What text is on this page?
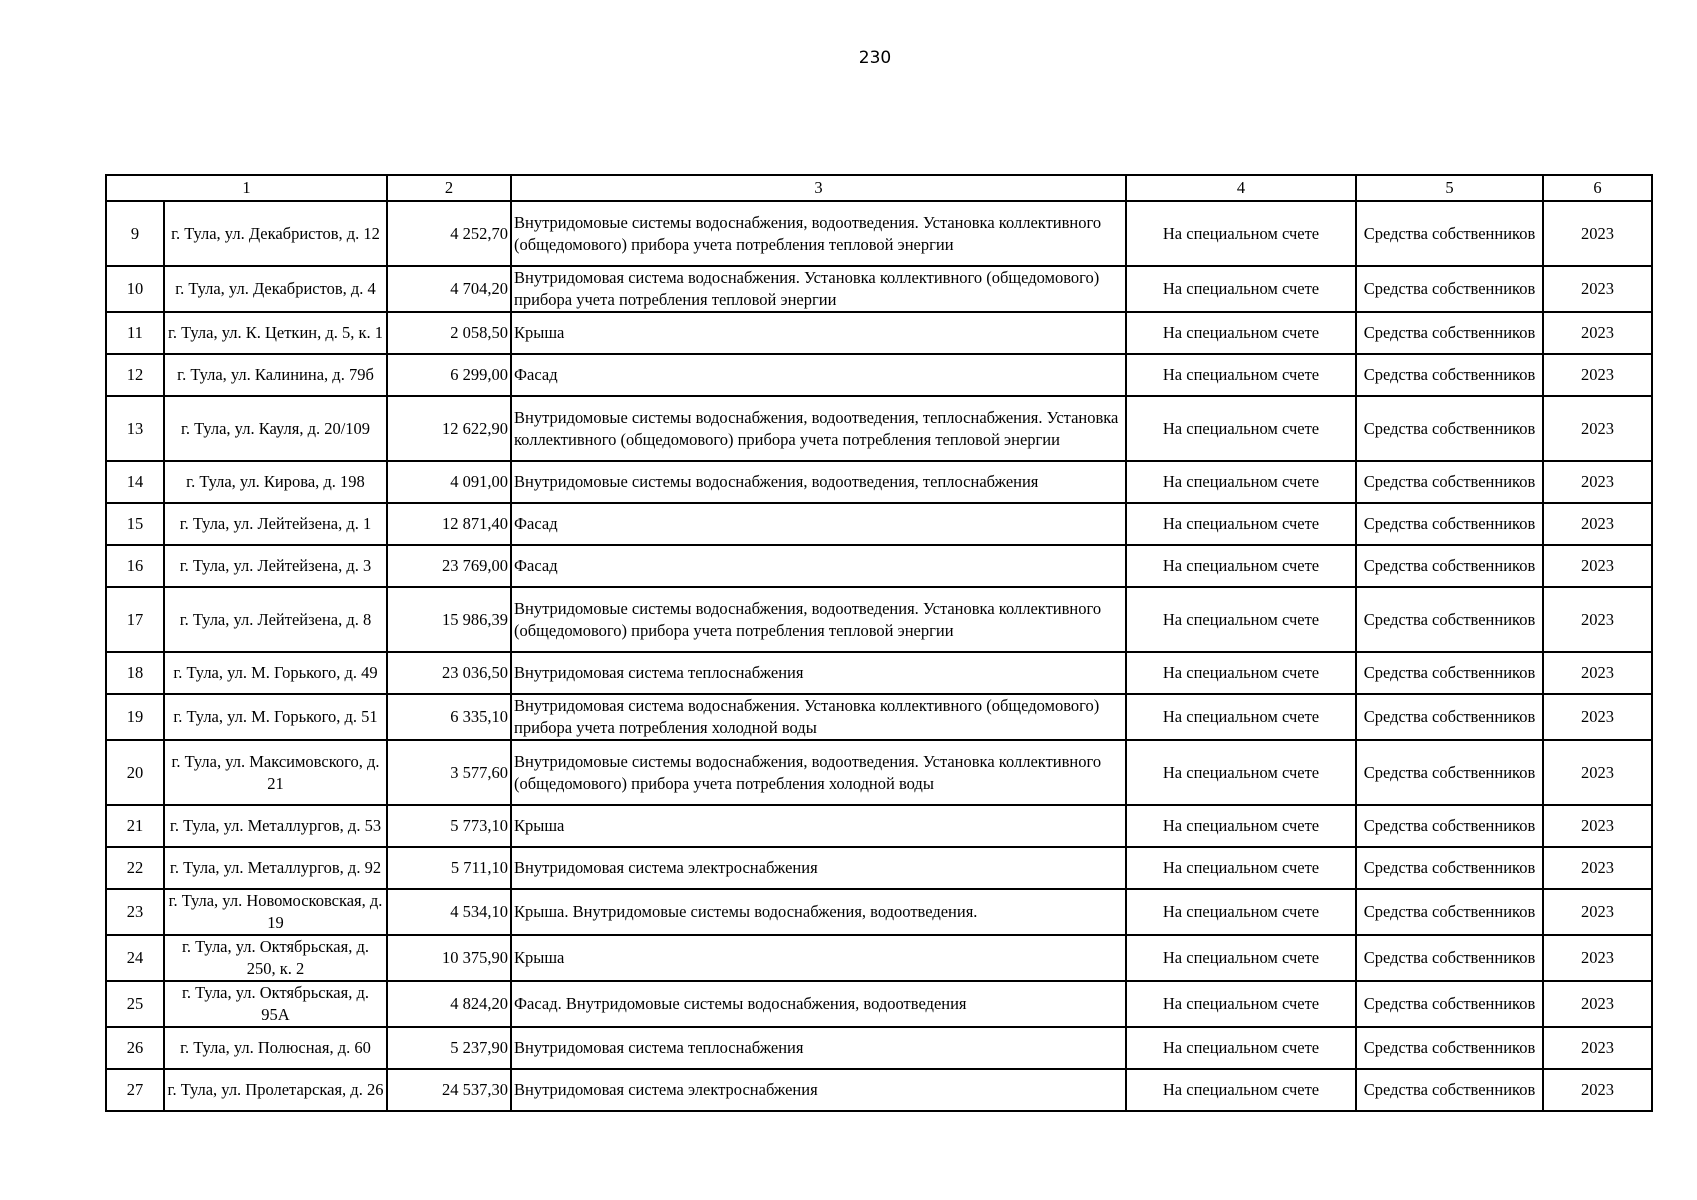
230
1		2	3	4	5	6
9	г. Тула, ул. Декабристов, д. 12	4 252,70	Внутридомовые системы водоснабжения, водоотведения. Установка коллективного (общедомового) прибора учета потребления тепловой энергии	На специальном счете	Средства собственников	2023
10	г. Тула, ул. Декабристов, д. 4	4 704,20	Внутридомовая система водоснабжения. Установка коллективного (общедомового) прибора учета потребления тепловой энергии	На специальном счете	Средства собственников	2023
11	г. Тула, ул. К. Цеткин, д. 5, к. 1	2 058,50	Крыша	На специальном счете	Средства собственников	2023
12	г. Тула, ул. Калинина, д. 79б	6 299,00	Фасад	На специальном счете	Средства собственников	2023
13	г. Тула, ул. Кауля, д. 20/109	12 622,90	Внутридомовые системы водоснабжения, водоотведения, теплоснабжения. Установка коллективного (общедомового) прибора учета потребления тепловой энергии	На специальном счете	Средства собственников	2023
14	г. Тула, ул. Кирова, д. 198	4 091,00	Внутридомовые системы водоснабжения, водоотведения, теплоснабжения	На специальном счете	Средства собственников	2023
15	г. Тула, ул. Лейтейзена, д. 1	12 871,40	Фасад	На специальном счете	Средства собственников	2023
16	г. Тула, ул. Лейтейзена, д. 3	23 769,00	Фасад	На специальном счете	Средства собственников	2023
17	г. Тула, ул. Лейтейзена, д. 8	15 986,39	Внутридомовые системы водоснабжения, водоотведения. Установка коллективного (общедомового) прибора учета потребления тепловой энергии	На специальном счете	Средства собственников	2023
18	г. Тула, ул. М. Горького, д. 49	23 036,50	Внутридомовая система теплоснабжения	На специальном счете	Средства собственников	2023
19	г. Тула, ул. М. Горького, д. 51	6 335,10	Внутридомовая система водоснабжения. Установка коллективного (общедомового) прибора учета потребления холодной воды	На специальном счете	Средства собственников	2023
20	г. Тула, ул. Максимовского, д. 21	3 577,60	Внутридомовые системы водоснабжения, водоотведения. Установка коллективного (общедомового) прибора учета потребления холодной воды	На специальном счете	Средства собственников	2023
21	г. Тула, ул. Металлургов, д. 53	5 773,10	Крыша	На специальном счете	Средства собственников	2023
22	г. Тула, ул. Металлургов, д. 92	5 711,10	Внутридомовая система электроснабжения	На специальном счете	Средства собственников	2023
23	г. Тула, ул. Новомосковская, д. 19	4 534,10	Крыша. Внутридомовые системы водоснабжения, водоотведения.	На специальном счете	Средства собственников	2023
24	г. Тула, ул. Октябрьская, д. 250, к. 2	10 375,90	Крыша	На специальном счете	Средства собственников	2023
25	г. Тула, ул. Октябрьская, д. 95А	4 824,20	Фасад. Внутридомовые системы водоснабжения, водоотведения	На специальном счете	Средства собственников	2023
26	г. Тула, ул. Полюсная, д. 60	5 237,90	Внутридомовая система теплоснабжения	На специальном счете	Средства собственников	2023
27	г. Тула, ул. Пролетарская, д. 26	24 537,30	Внутридомовая система электроснабжения	На специальном счете	Средства собственников	2023
